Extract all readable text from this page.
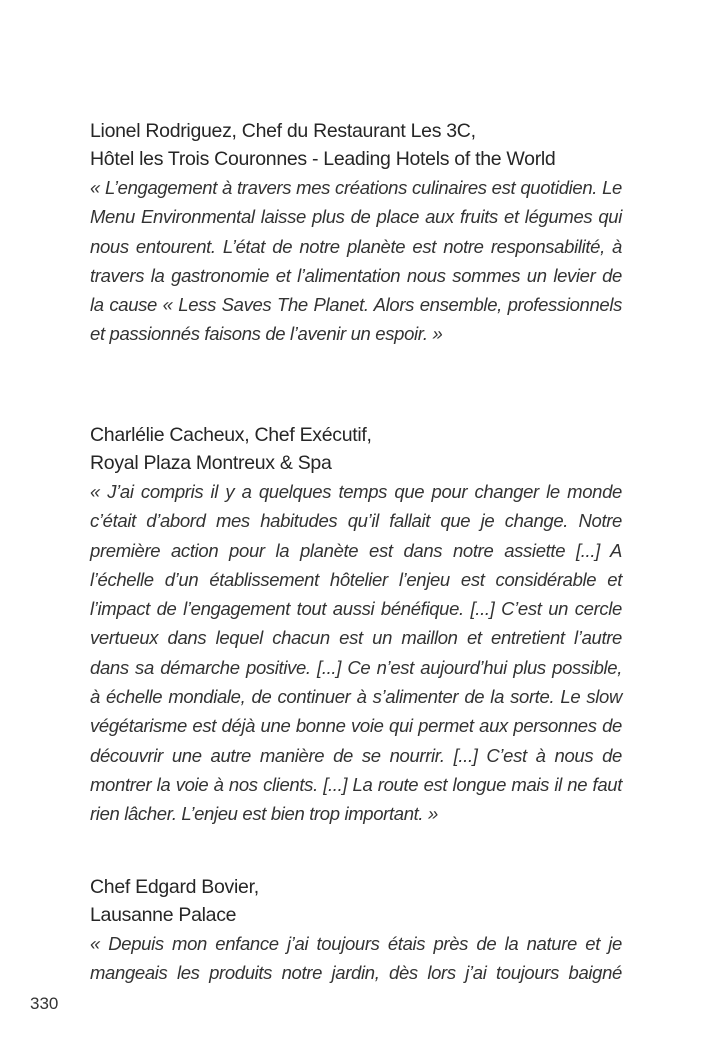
Lionel Rodriguez, Chef du Restaurant Les 3C,
Hôtel les Trois Couronnes - Leading Hotels of the World

« L’engagement à travers mes créations culinaires est quotidien. Le Menu Environmental laisse plus de place aux fruits et légumes qui nous entourent. L’état de notre planète est notre responsabilité, à travers la gastronomie et l’alimentation nous sommes un levier de la cause « Less Saves The Planet. Alors ensemble, professionnels et passionnés faisons de l’avenir un espoir. »

Charlélie Cacheux, Chef Exécutif,
Royal Plaza Montreux & Spa

« J’ai compris il y a quelques temps que pour changer le monde c’était d’abord mes habitudes qu’il fallait que je change. Notre première action pour la planète est dans notre assiette [...] A l’échelle d’un établissement hôtelier l’enjeu est considérable et l’impact de l’engagement tout aussi bénéfique. [...] C’est un cercle vertueux dans lequel chacun est un maillon et entretient l’autre dans sa démarche positive. [...] Ce n’est aujourd’hui plus possible, à échelle mondiale, de continuer à s’alimenter de la sorte. Le slow végétarisme est déjà une bonne voie qui permet aux personnes de découvrir une autre manière de se nourrir. [...] C’est à nous de montrer la voie à nos clients. [...] La route est longue mais il ne faut rien lâcher. L’enjeu est bien trop important. »

Chef Edgard Bovier,
Lausanne Palace

« Depuis mon enfance j’ai toujours étais près de la nature et je mangeais les produits notre jardin, dès lors j’ai toujours baigné

330
